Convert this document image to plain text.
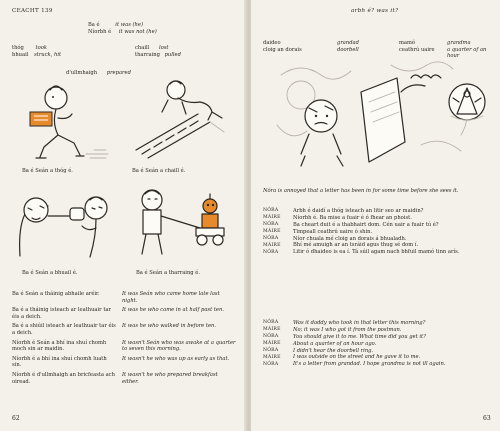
CEACHT 139
Ba é	it was (he)
Níorbh é it was not (he)
thóg took
bhuail struck, hit
chaill lost
tharraing pulled
d'ullmhaigh prepared
Ba é Seán a thóg é.	Ba é Seán a chaill é.
Ba é Seán a bhuail é.	Ba é Seán a tharraing é.
Ba é Seán a tháinig abhaile aréir.	It was Seán who came home late last night.
Ba é a tháinig isteach ar leathuair tar éis a deich.	It was he who came in at half past ten.
Ba é a shiúil isteach ar leathuair tar éis a deich.	It was he who walked in before ten.
Níorbh é Seán a bhí ina shuí chomh moch sin ar maidin.	It wasn't Seán who was awake at a quarter to seven this morning.
Níorbh é a bhí ina shuí chomh luath sin.	It wasn't he who was up as early as that.
Níorbh é d'ullmhaigh an bricfeasta ach oiread.	It wasn't he who prepared breakfast either.
62
arbh é? was it?
daideo	grandad
cloig an dorais	doorbell
mamó	grandma
ceathrú uaire a quarter of an hour
Nóra is annoyed that a letter has been in for some time before she sees it.
NÓRA	Arbh é daidí a thóg isteach an litir seo ar maidin?
MÁIRE	Níorbh é. Ba mise a fuair é ó fhear an phoist.
NÓRA	Ba cheart duit é a thabhairt dom. Cén uair a fuair tú é?
MÁIRE	Timpeall ceathrú uaire ó shin.
NÓRA	Níor chuala mé cloig an dorais á bhualadh.
MÁIRE	Bhí mé amuigh ar an tsráid agus thug sé dom í.
NÓRA	Litir ó dhaideo is ea í. Tá súil agam nach bhfuil mamó tinn arís.
NÓRA	Was it daddy who took in that letter this morning?
MÁIRE	No; it was I who got it from the postman.
NÓRA	You should give it to me. What time did you get it?
MÁIRE	About a quarter of an hour ago.
NÓRA	I didn't hear the doorbell ring.
MÁIRE	I was outside on the street and he gave it to me.
NÓRA	It's a letter from grandad. I hope grandma is not ill again.
63
